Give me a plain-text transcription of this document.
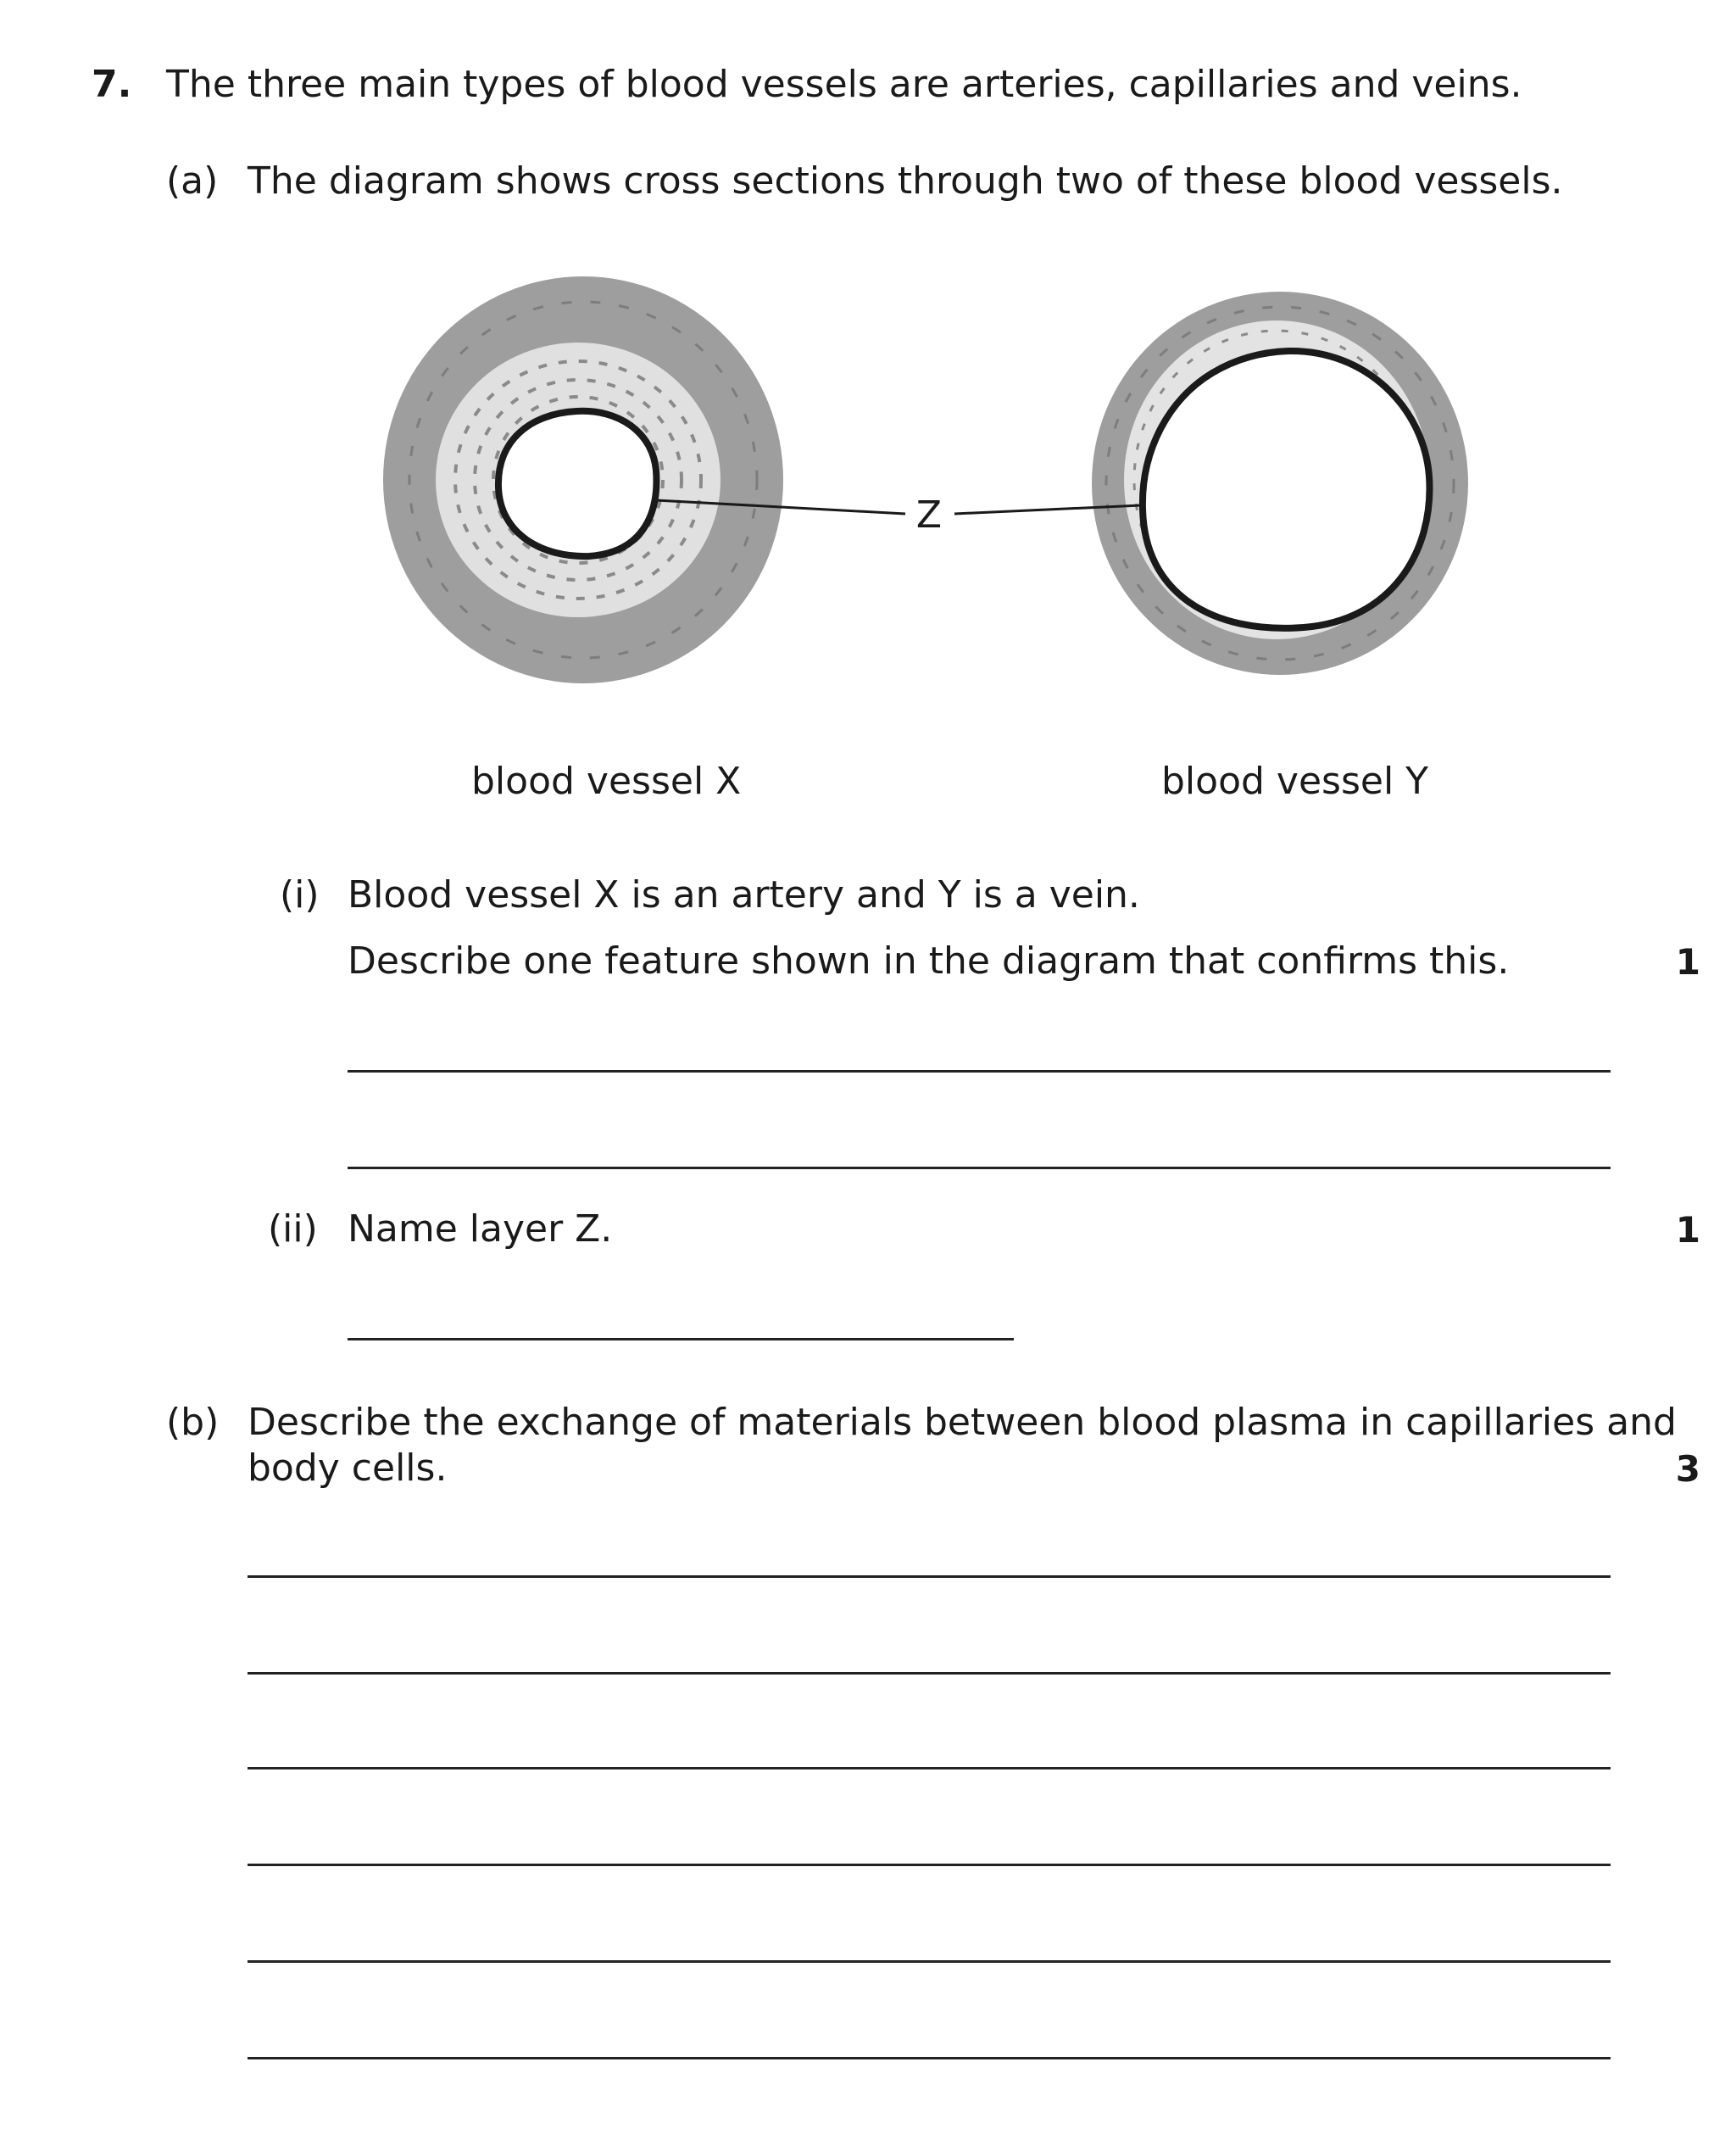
7. The three main types of blood vessels are arteries, capillaries and veins.
(a) The diagram shows cross sections through two of these blood vessels.
Z
blood vessel X	blood vessel Y
(i) Blood vessel X is an artery and Y is a vein.
Describe one feature shown in the diagram that confirms this.	1
(ii) Name layer Z.	1
(b) Describe the exchange of materials between blood plasma in capillaries and
body cells.	3
